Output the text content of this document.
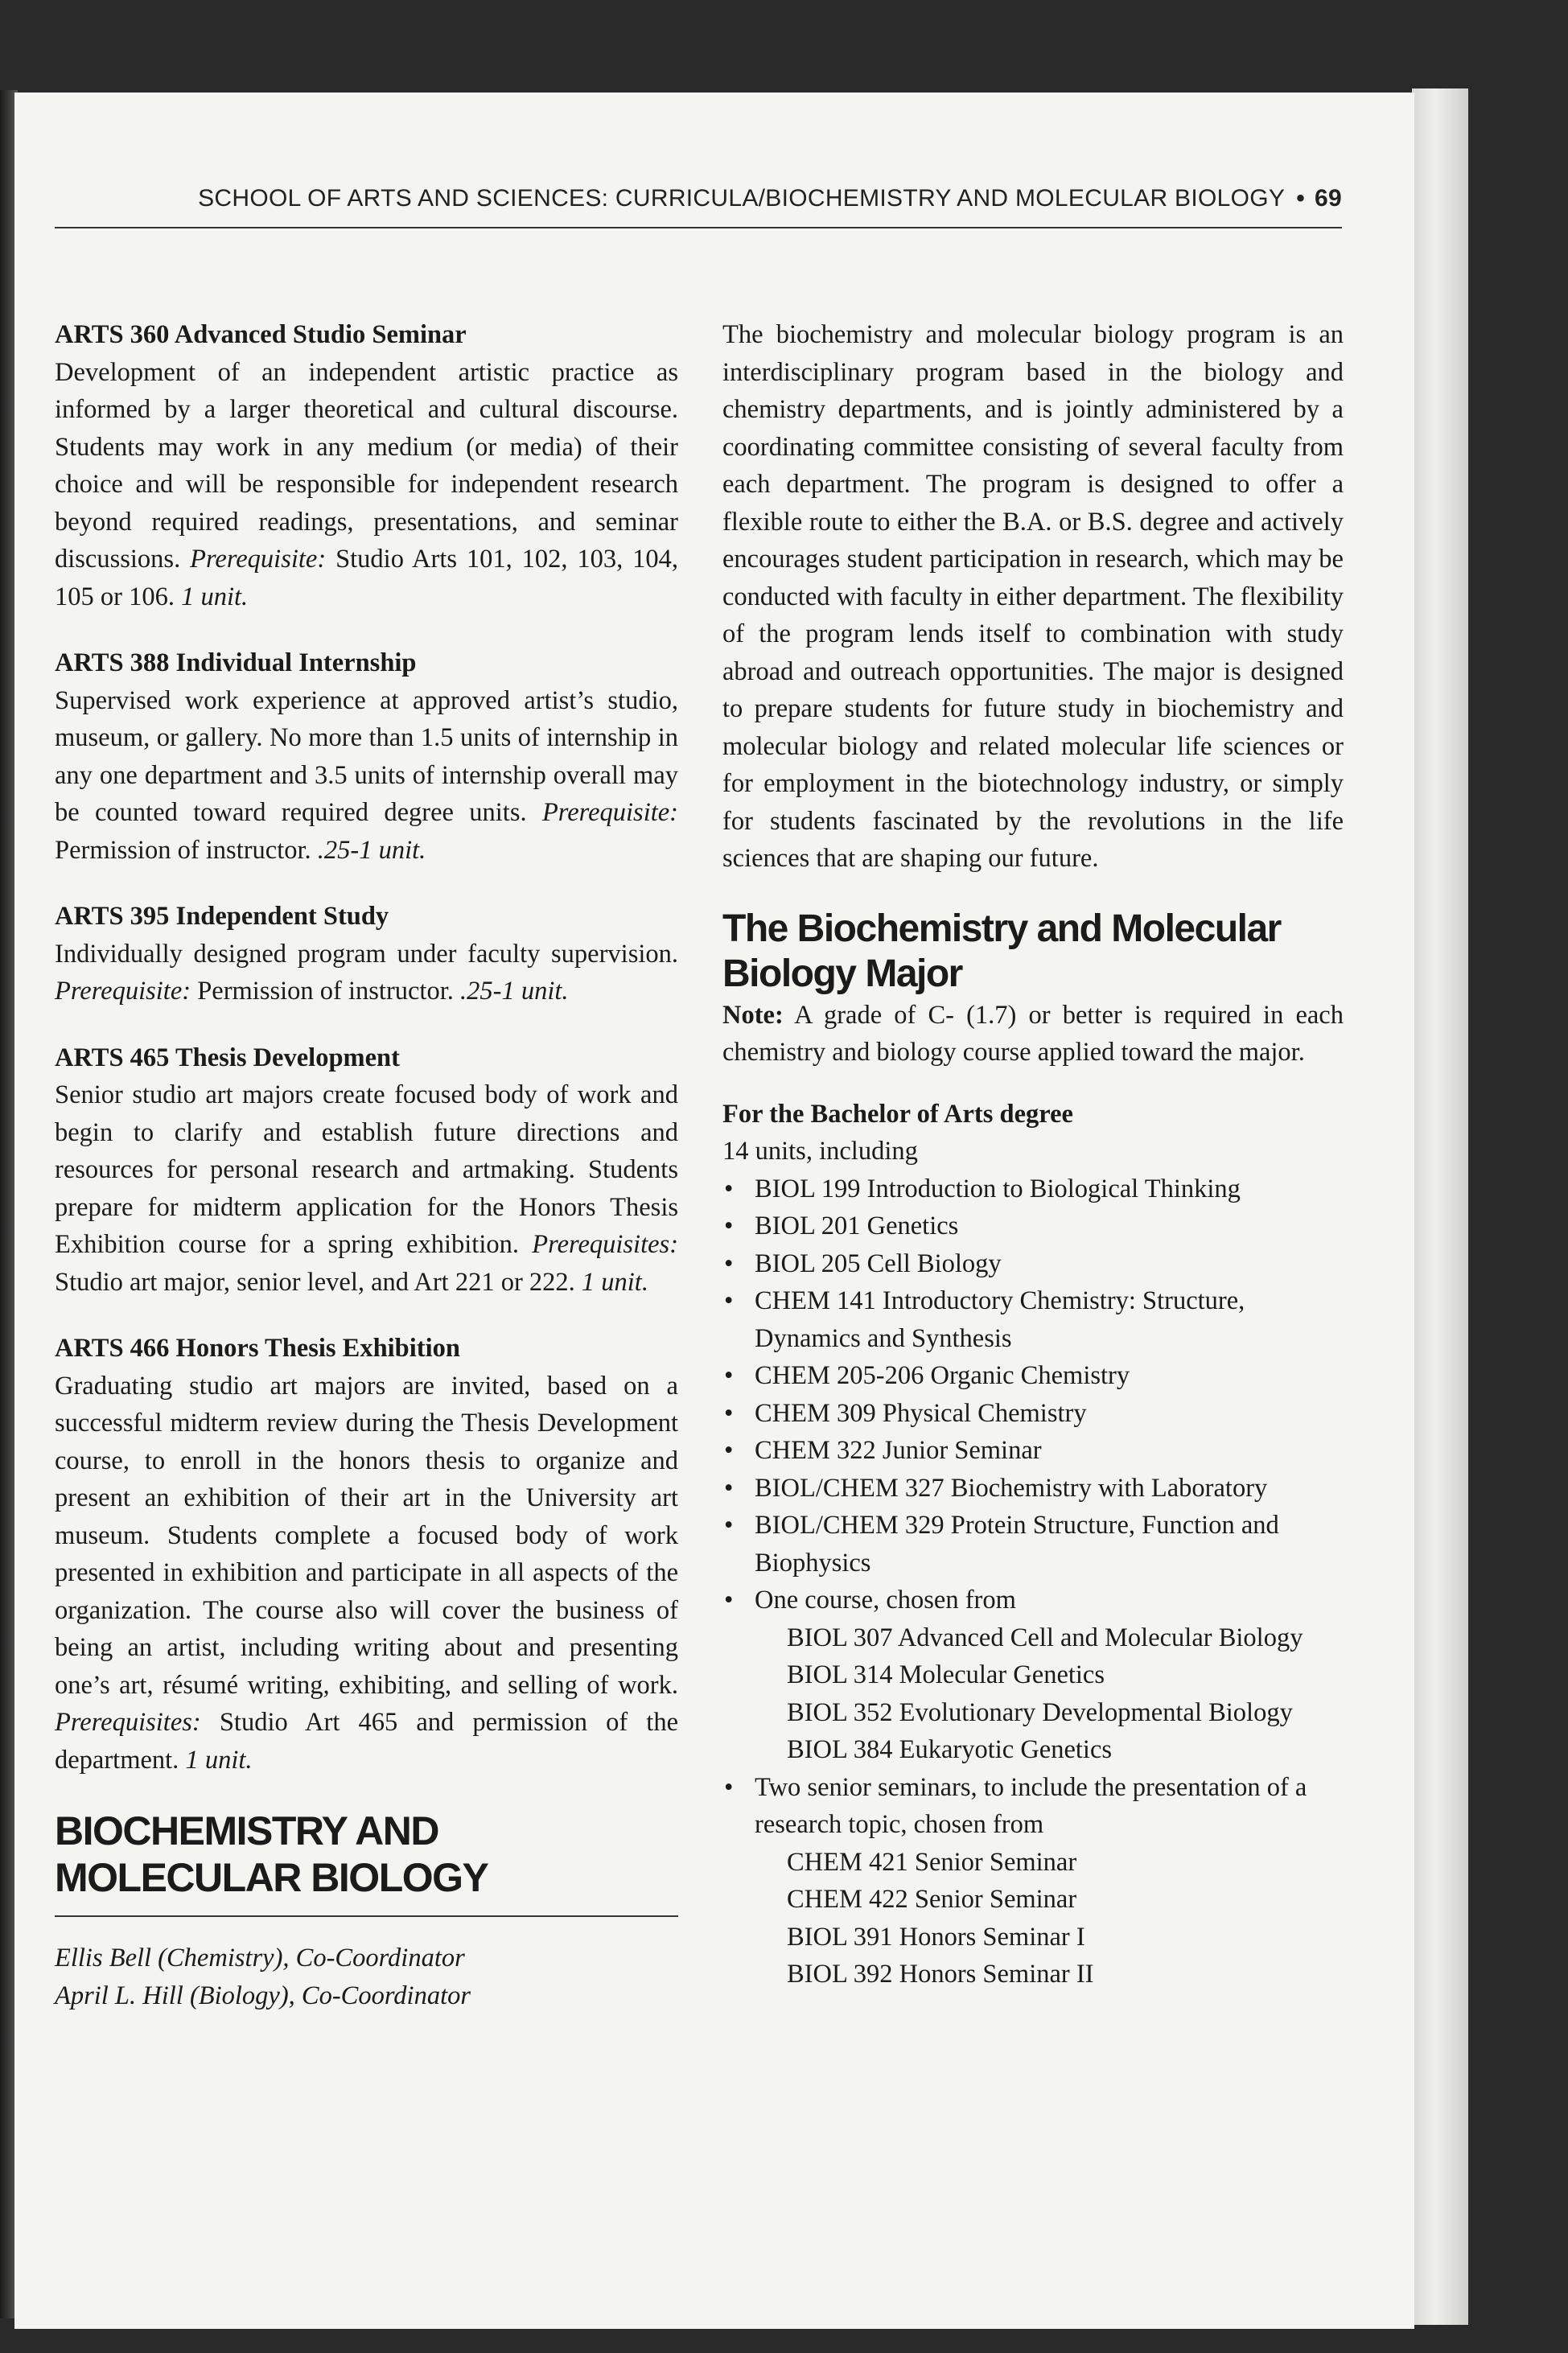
SCHOOL OF ARTS AND SCIENCES: CURRICULA/BIOCHEMISTRY AND MOLECULAR BIOLOGY • 69
ARTS 360 Advanced Studio Seminar
Development of an independent artistic practice as informed by a larger theoretical and cultural discourse. Students may work in any medium (or media) of their choice and will be responsible for independent research beyond required readings, presentations, and seminar discussions. Prerequisite: Studio Arts 101, 102, 103, 104, 105 or 106. 1 unit.
ARTS 388 Individual Internship
Supervised work experience at approved artist’s studio, museum, or gallery. No more than 1.5 units of internship in any one department and 3.5 units of internship overall may be counted toward required degree units. Prerequisite: Permission of instructor. .25-1 unit.
ARTS 395 Independent Study
Individually designed program under faculty supervision. Prerequisite: Permission of instructor. .25-1 unit.
ARTS 465 Thesis Development
Senior studio art majors create focused body of work and begin to clarify and establish future directions and resources for personal research and artmaking. Students prepare for midterm application for the Honors Thesis Exhibition course for a spring exhibition. Prerequisites: Studio art major, senior level, and Art 221 or 222. 1 unit.
ARTS 466 Honors Thesis Exhibition
Graduating studio art majors are invited, based on a successful midterm review during the Thesis Development course, to enroll in the honors thesis to organize and present an exhibition of their art in the University art museum. Students complete a focused body of work presented in exhibition and participate in all aspects of the organization. The course also will cover the business of being an artist, including writing about and presenting one’s art, résumé writing, exhibiting, and selling of work. Prerequisites: Studio Art 465 and permission of the department. 1 unit.
BIOCHEMISTRY AND
MOLECULAR BIOLOGY
Ellis Bell (Chemistry), Co-Coordinator
April L. Hill (Biology), Co-Coordinator
The biochemistry and molecular biology program is an interdisciplinary program based in the biology and chemistry departments, and is jointly administered by a coordinating committee consisting of several faculty from each department. The program is designed to offer a flexible route to either the B.A. or B.S. degree and actively encourages student participation in research, which may be conducted with faculty in either department. The flexibility of the program lends itself to combination with study abroad and outreach opportunities. The major is designed to prepare students for future study in biochemistry and molecular biology and related molecular life sciences or for employment in the biotechnology industry, or simply for students fascinated by the revolutions in the life sciences that are shaping our future.
The Biochemistry and Molecular
Biology Major
Note: A grade of C- (1.7) or better is required in each chemistry and biology course applied toward the major.
For the Bachelor of Arts degree
14 units, including
• BIOL 199 Introduction to Biological Thinking
• BIOL 201 Genetics
• BIOL 205 Cell Biology
• CHEM 141 Introductory Chemistry: Structure, Dynamics and Synthesis
• CHEM 205-206 Organic Chemistry
• CHEM 309 Physical Chemistry
• CHEM 322 Junior Seminar
• BIOL/CHEM 327 Biochemistry with Laboratory
• BIOL/CHEM 329 Protein Structure, Function and Biophysics
• One course, chosen from
BIOL 307 Advanced Cell and Molecular Biology
BIOL 314 Molecular Genetics
BIOL 352 Evolutionary Developmental Biology
BIOL 384 Eukaryotic Genetics
• Two senior seminars, to include the presentation of a research topic, chosen from
CHEM 421 Senior Seminar
CHEM 422 Senior Seminar
BIOL 391 Honors Seminar I
BIOL 392 Honors Seminar II
